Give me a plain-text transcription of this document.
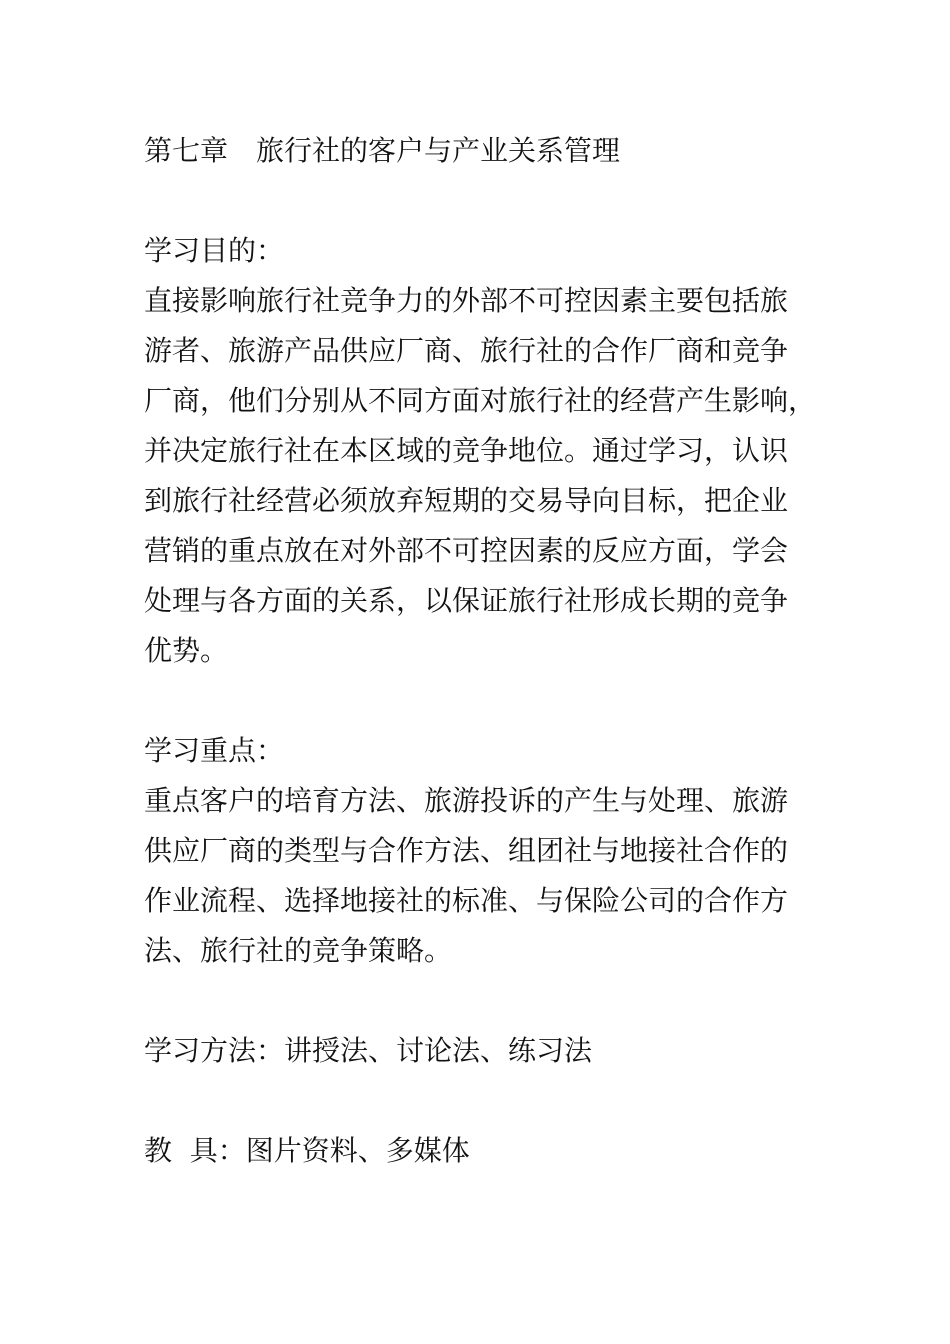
第七章　旅行社的客户与产业关系管理

学习目的：

直接影响旅行社竞争力的外部不可控因素主要包括旅

游者、旅游产品供应厂商、旅行社的合作厂商和竞争

厂商，他们分别从不同方面对旅行社的经营产生影响，

并决定旅行社在本区域的竞争地位。通过学习，认识

到旅行社经营必须放弃短期的交易导向目标，把企业

营销的重点放在对外部不可控因素的反应方面，学会

处理与各方面的关系，以保证旅行社形成长期的竞争

优势。

学习重点：

重点客户的培育方法、旅游投诉的产生与处理、旅游

供应厂商的类型与合作方法、组团社与地接社合作的

作业流程、选择地接社的标准、与保险公司的合作方

法、旅行社的竞争策略。

学习方法：讲授法、讨论法、练习法

教  具：图片资料、多媒体
